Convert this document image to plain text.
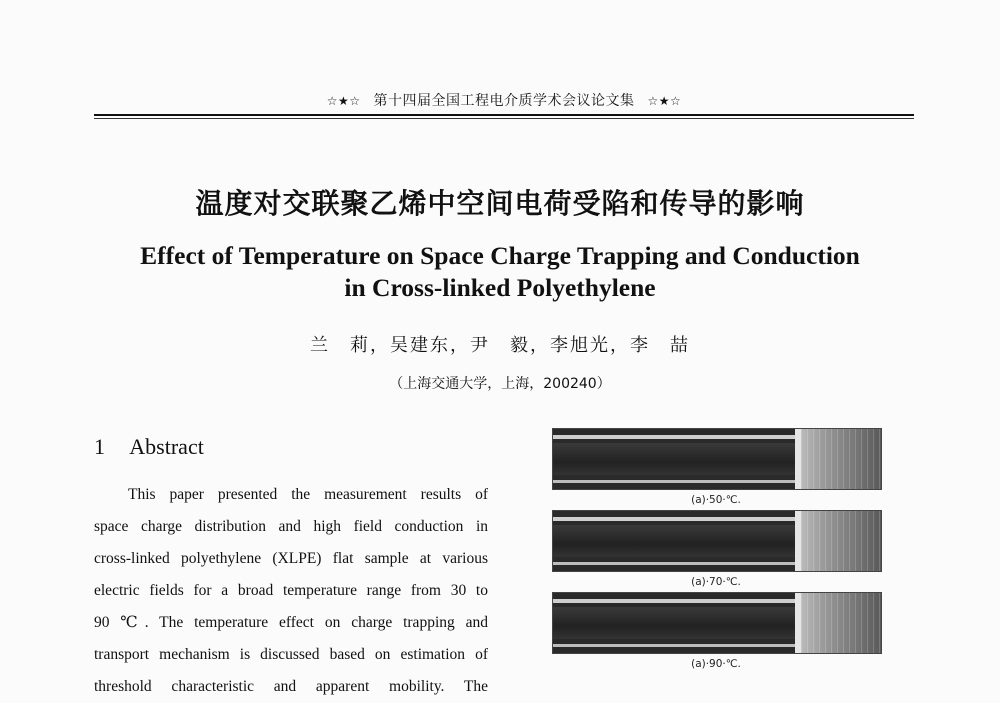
☆★☆ 第十四届全国工程电介质学术会议论文集 ☆★☆
温度对交联聚乙烯中空间电荷受陷和传导的影响
Effect of Temperature on Space Charge Trapping and Conduction
in Cross-linked Polyethylene
兰　莉，吴建东，尹　毅，李旭光，李　喆
（上海交通大学，上海，200240）
1 Abstract
This paper presented the measurement results of
space charge distribution and high field conduction in
cross-linked polyethylene (XLPE) flat sample at various
electric fields for a broad temperature range from 30 to
90 ℃. The temperature effect on charge trapping and
transport mechanism is discussed based on estimation of
threshold characteristic and apparent mobility. The
(a)·50·℃.
(a)·70·℃.
(a)·90·℃.
